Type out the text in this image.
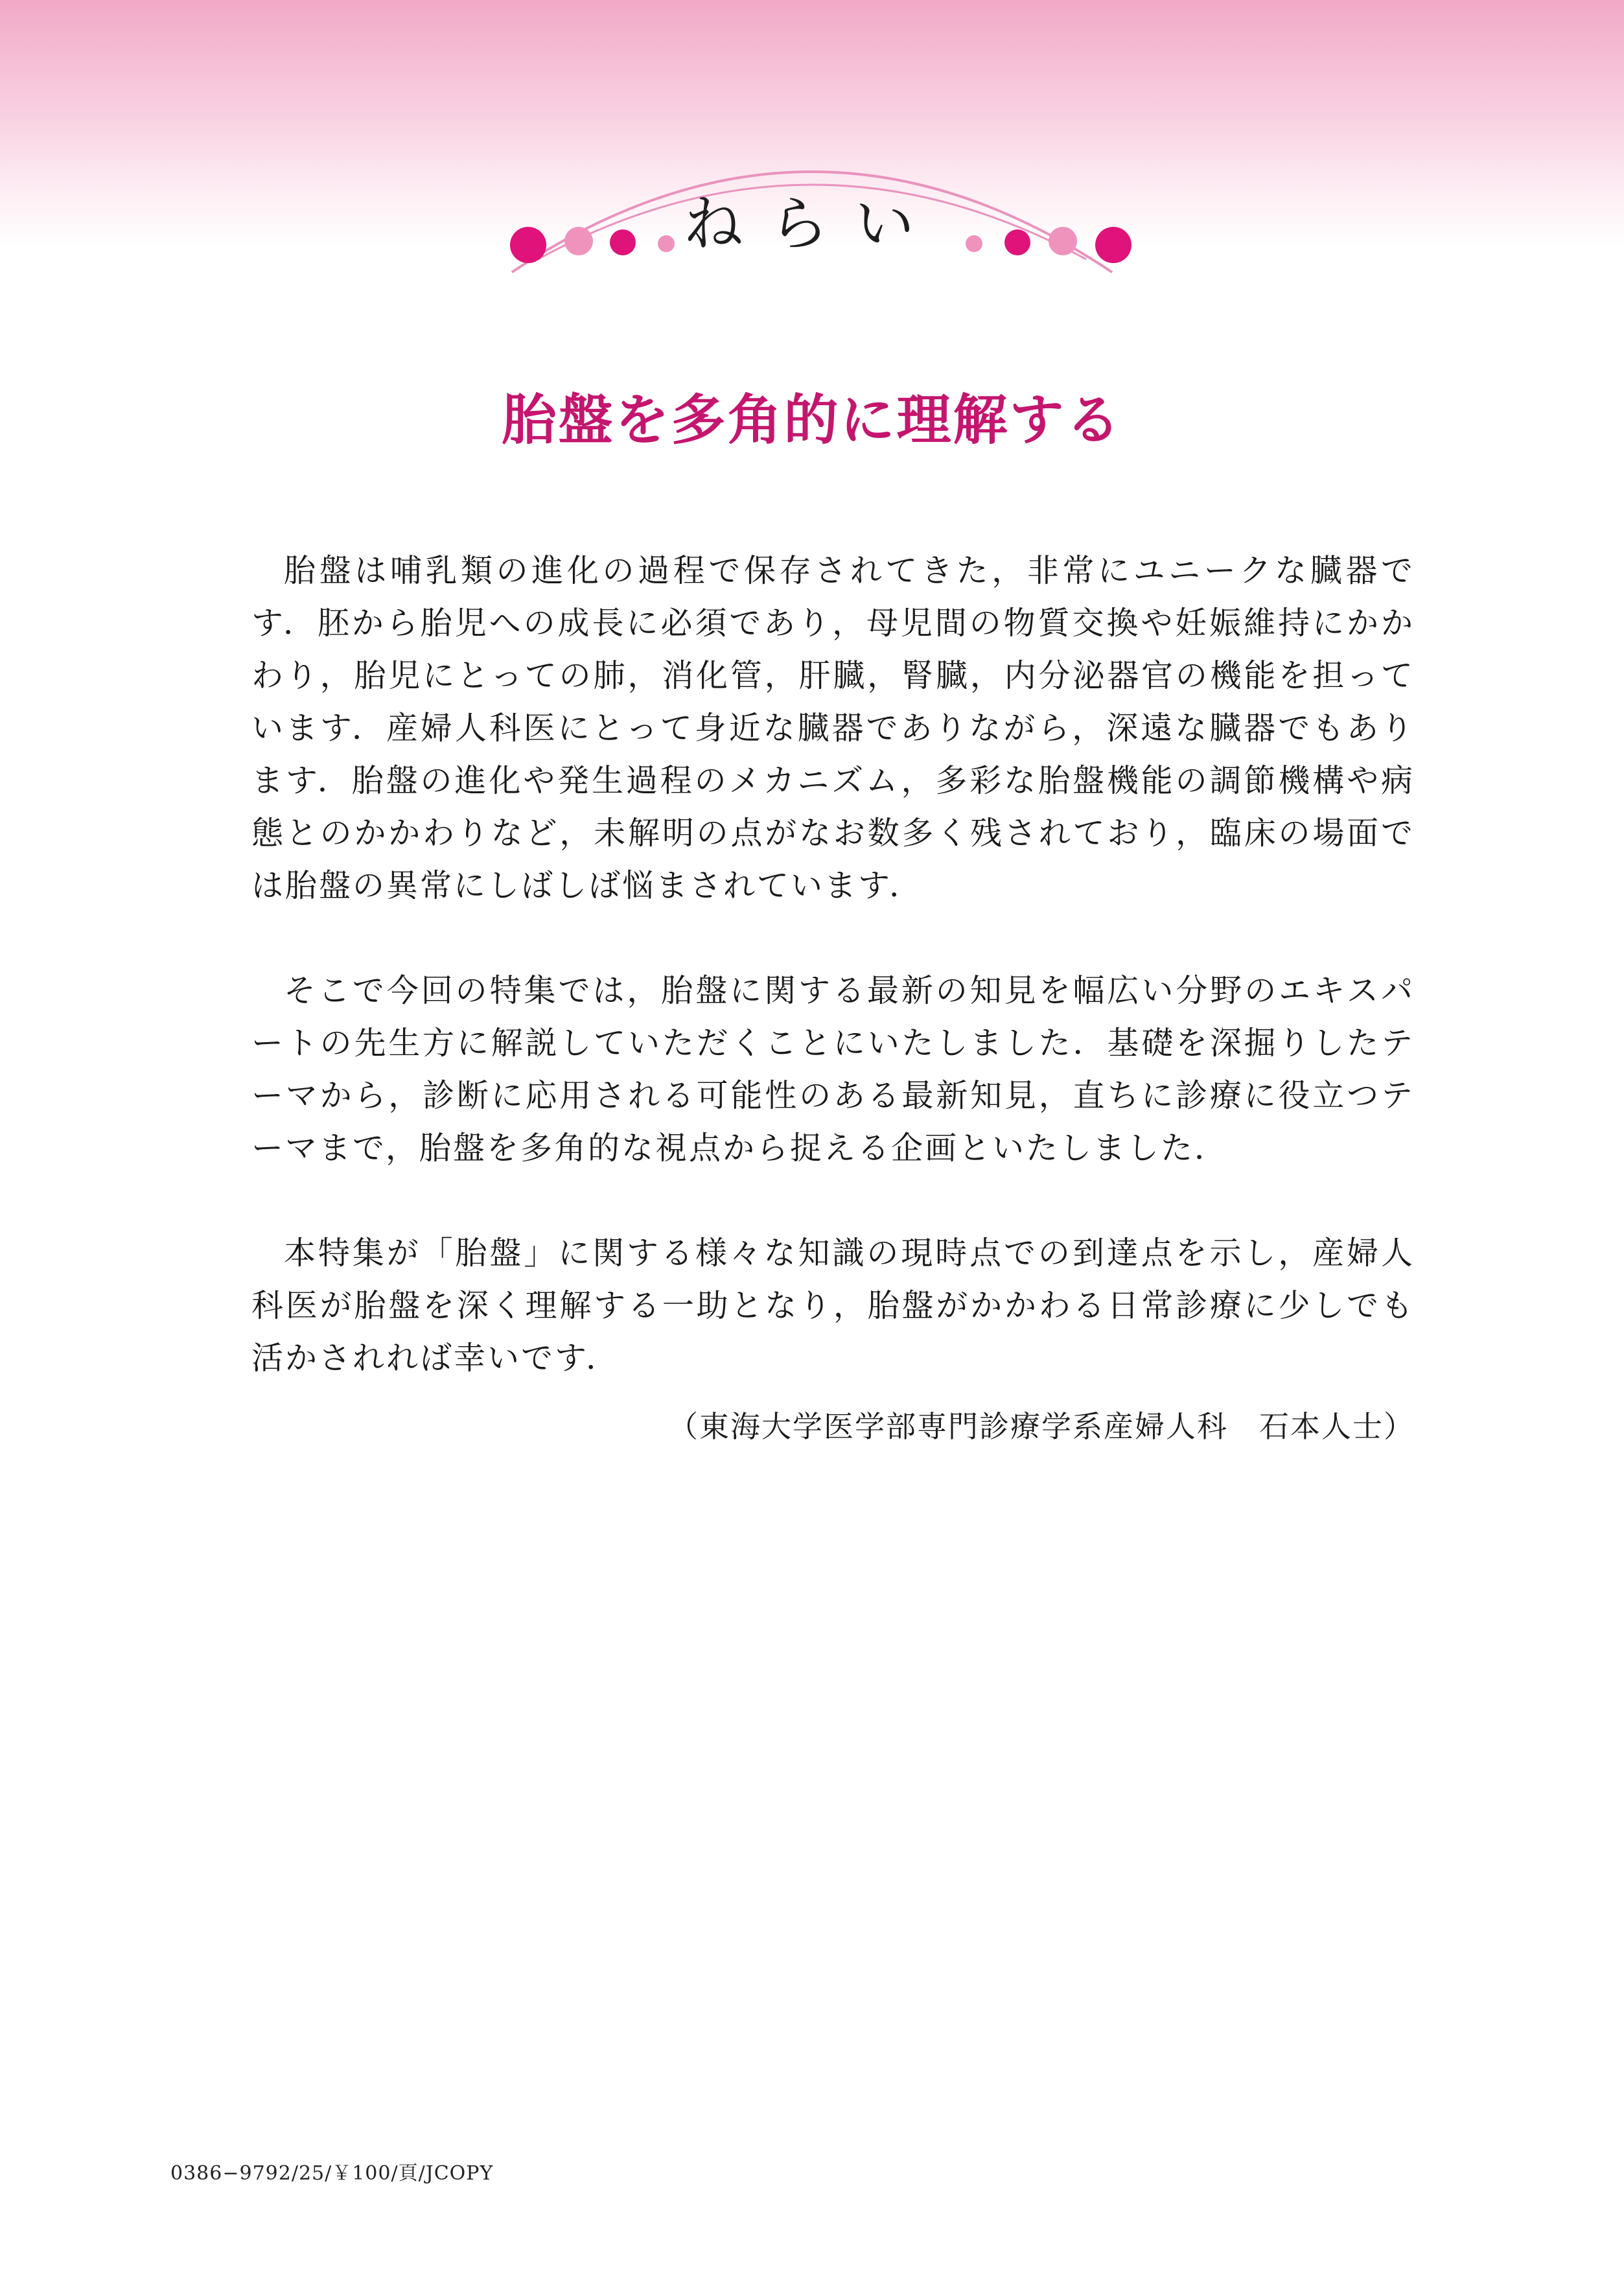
ねらい
胎盤を多角的に理解する

胎盤は哺乳類の進化の過程で保存されてきた，非常にユニークな臓器です．胚から胎児への成長に必須であり，母児間の物質交換や妊娠維持にかかわり，胎児にとっての肺，消化管，肝臓，腎臓，内分泌器官の機能を担っています．産婦人科医にとって身近な臓器でありながら，深遠な臓器でもあります．胎盤の進化や発生過程のメカニズム，多彩な胎盤機能の調節機構や病態とのかかわりなど，未解明の点がなお数多く残されており，臨床の場面では胎盤の異常にしばしば悩まされています．

そこで今回の特集では，胎盤に関する最新の知見を幅広い分野のエキスパートの先生方に解説していただくことにいたしました．基礎を深掘りしたテーマから，診断に応用される可能性のある最新知見，直ちに診療に役立つテーマまで，胎盤を多角的な視点から捉える企画といたしました．

本特集が「胎盤」に関する様々な知識の現時点での到達点を示し，産婦人科医が胎盤を深く理解する一助となり，胎盤がかかわる日常診療に少しでも活かされれば幸いです．

（東海大学医学部専門診療学系産婦人科　石本人士）
0386−9792/25/￥100/頁/JCOPY
